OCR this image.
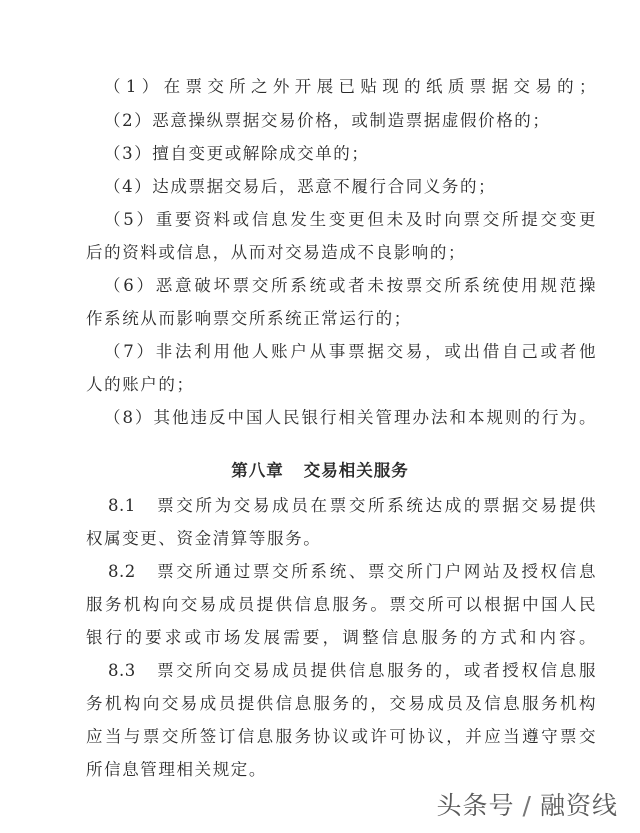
（1）在票交所之外开展已贴现的纸质票据交易的；
（2）恶意操纵票据交易价格，或制造票据虚假价格的；
（3）擅自变更或解除成交单的；
（4）达成票据交易后，恶意不履行合同义务的；
（5）重要资料或信息发生变更但未及时向票交所提交变更
后的资料或信息，从而对交易造成不良影响的；
（6）恶意破坏票交所系统或者未按票交所系统使用规范操
作系统从而影响票交所系统正常运行的；
（7）非法利用他人账户从事票据交易，或出借自己或者他
人的账户的；
（8）其他违反中国人民银行相关管理办法和本规则的行为。
第八章 交易相关服务
8.1　票交所为交易成员在票交所系统达成的票据交易提供
权属变更、资金清算等服务。
8.2　票交所通过票交所系统、票交所门户网站及授权信息
服务机构向交易成员提供信息服务。票交所可以根据中国人民
银行的要求或市场发展需要，调整信息服务的方式和内容。
8.3　票交所向交易成员提供信息服务的，或者授权信息服
务机构向交易成员提供信息服务的，交易成员及信息服务机构
应当与票交所签订信息服务协议或许可协议，并应当遵守票交
所信息管理相关规定。
头条号 / 融资线
